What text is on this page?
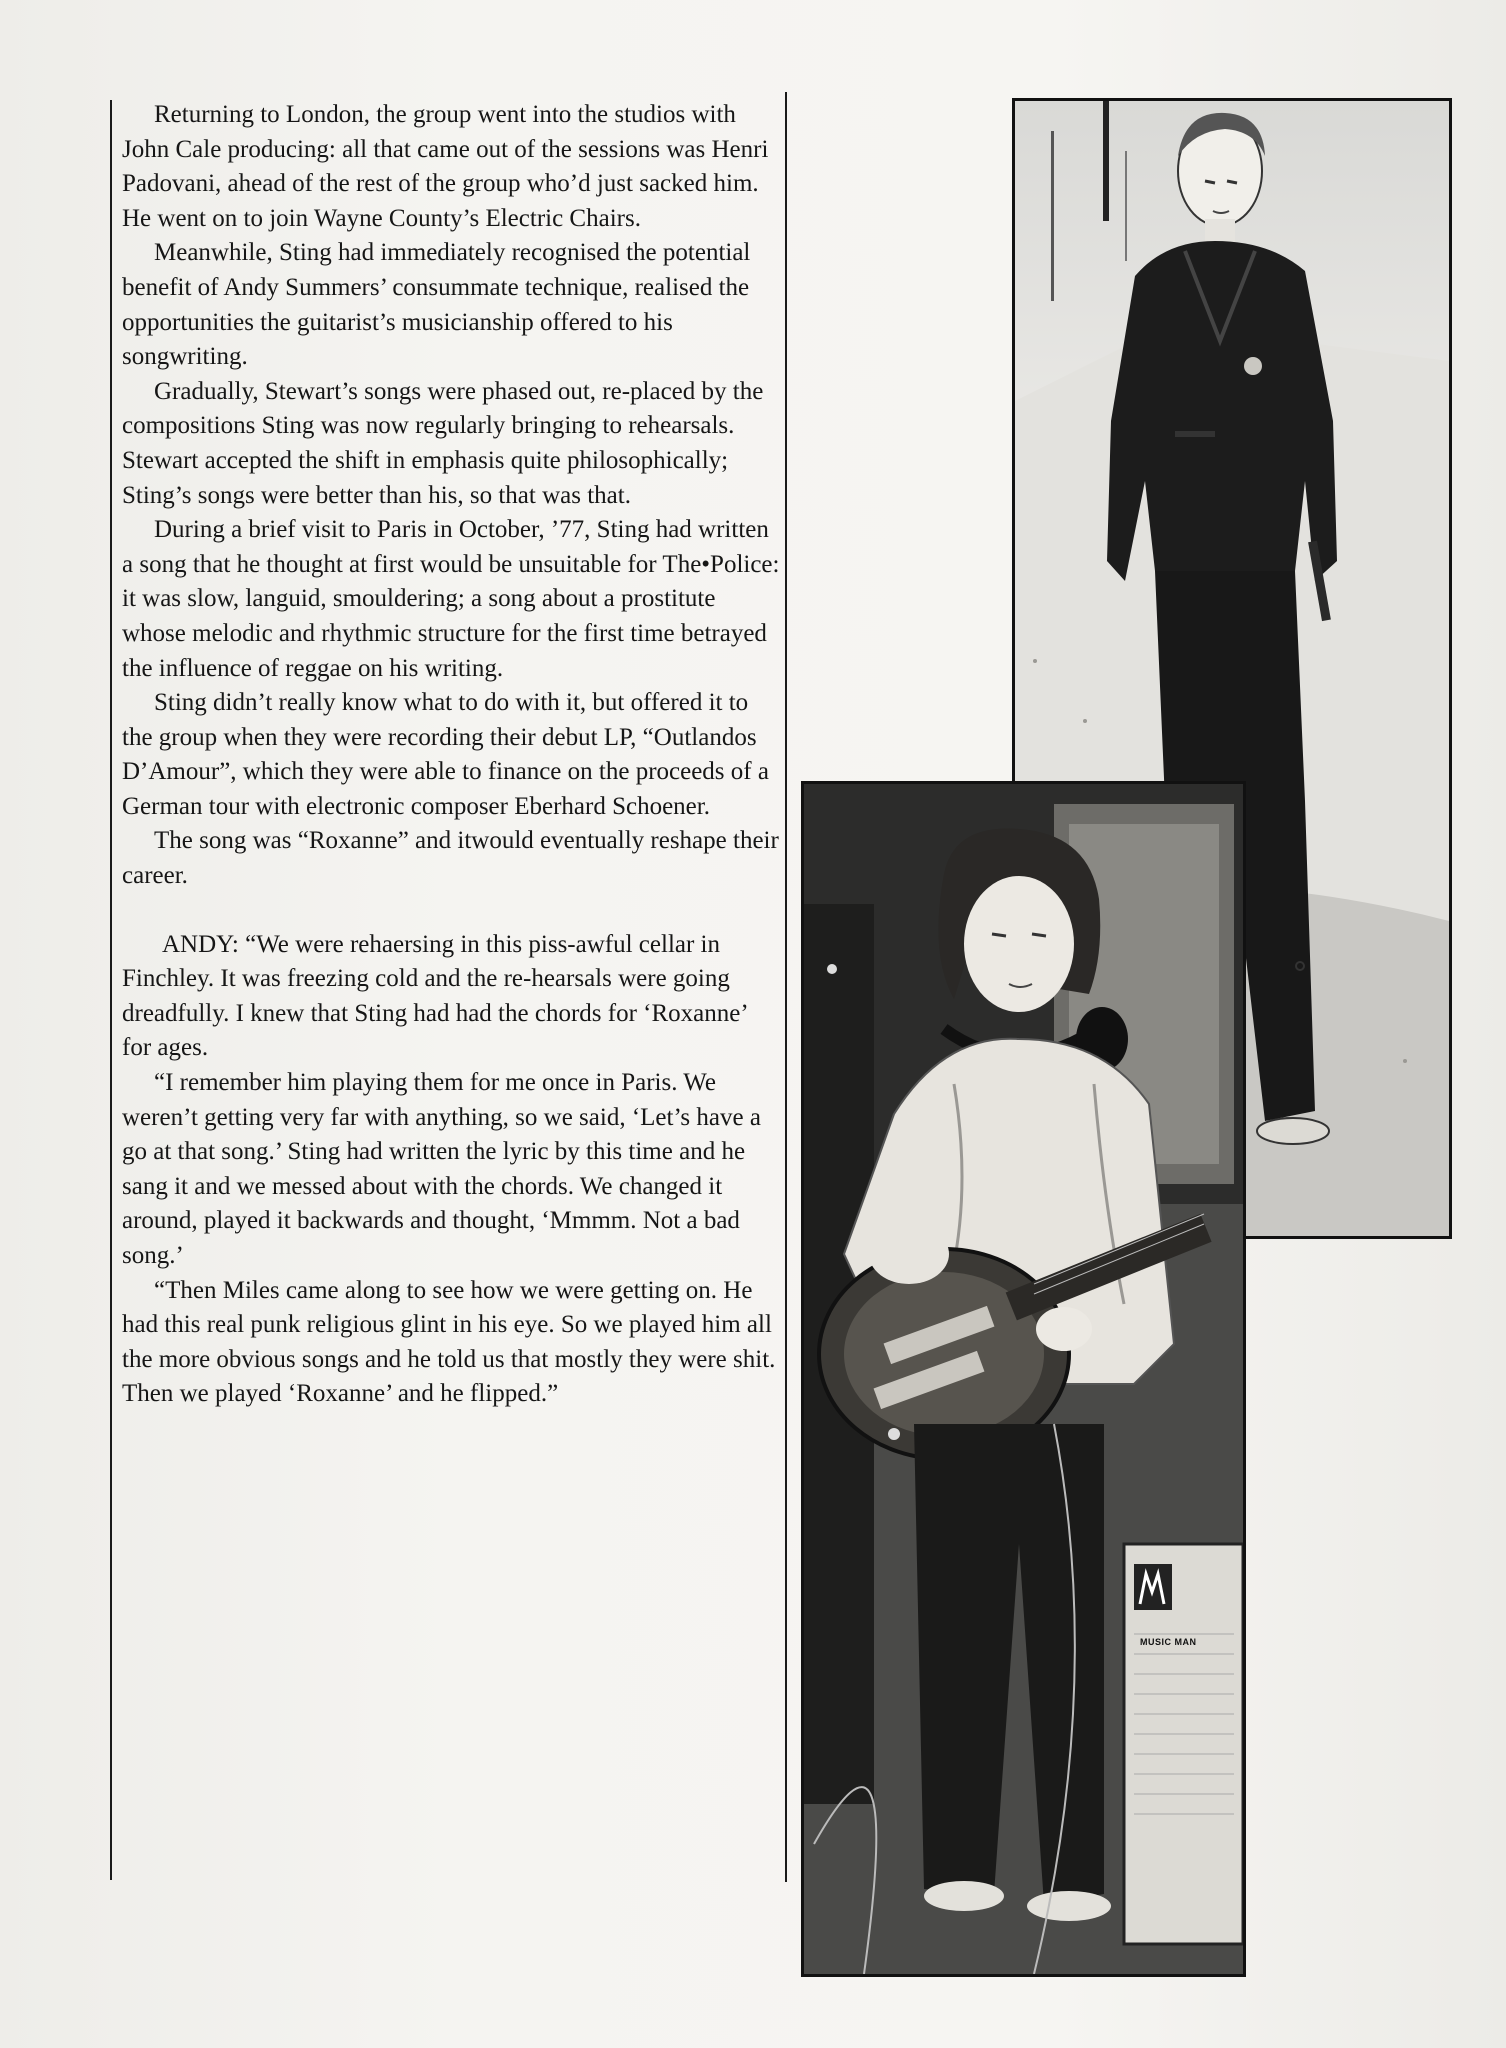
Returning to London, the group went into the studios with John Cale producing: all that came out of the sessions was Henri Padovani, ahead of the rest of the group who’d just sacked him. He went on to join Wayne County’s Electric Chairs.

Meanwhile, Sting had immediately recognised the potential benefit of Andy Summers’ consummate technique, realised the opportunities the guitarist’s musicianship offered to his songwriting.

Gradually, Stewart’s songs were phased out, re-placed by the compositions Sting was now regularly bringing to rehearsals. Stewart accepted the shift in emphasis quite philosophically; Sting’s songs were better than his, so that was that.

During a brief visit to Paris in October, ’77, Sting had written a song that he thought at first would be unsuitable for The•Police: it was slow, languid, smouldering; a song about a prostitute whose melodic and rhythmic structure for the first time betrayed the influence of reggae on his writing.

Sting didn’t really know what to do with it, but offered it to the group when they were recording their debut LP, “Outlandos D’Amour”, which they were able to finance on the proceeds of a German tour with electronic composer Eberhard Schoener.

The song was “Roxanne” and itwould eventually reshape their career.

ANDY: “We were rehaersing in this piss-awful cellar in Finchley. It was freezing cold and the re-hearsals were going dreadfully. I knew that Sting had had the chords for ‘Roxanne’ for ages.

“I remember him playing them for me once in Paris. We weren’t getting very far with anything, so we said, ‘Let’s have a go at that song.’ Sting had written the lyric by this time and he sang it and we messed about with the chords. We changed it around, played it backwards and thought, ‘Mmmm. Not a bad song.’

“Then Miles came along to see how we were getting on. He had this real punk religious glint in his eye. So we played him all the more obvious songs and he told us that mostly they were shit. Then we played ‘Roxanne’ and he flipped.”

MUSIC MAN
